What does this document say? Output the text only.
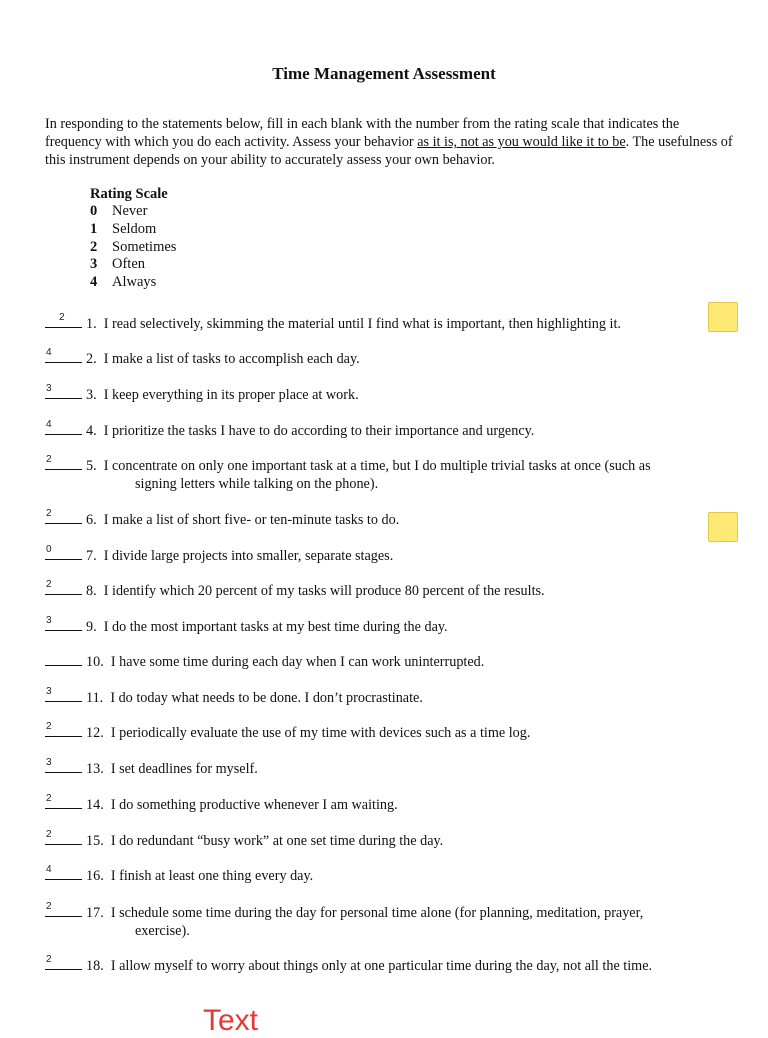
Time Management Assessment
In responding to the statements below, fill in each blank with the number from the rating scale that indicates the frequency with which you do each activity. Assess your behavior as it is, not as you would like it to be. The usefulness of this instrument depends on your ability to accurately assess your own behavior.
Rating Scale
0	Never
1	Seldom
2	Sometimes
3	Often
4	Always
2 1. I read selectively, skimming the material until I find what is important, then highlighting it.
4 2. I make a list of tasks to accomplish each day.
3 3. I keep everything in its proper place at work.
4 4. I prioritize the tasks I have to do according to their importance and urgency.
2 5. I concentrate on only one important task at a time, but I do multiple trivial tasks at once (such as
signing letters while talking on the phone).
2 6. I make a list of short five- or ten-minute tasks to do.
0 7. I divide large projects into smaller, separate stages.
2 8. I identify which 20 percent of my tasks will produce 80 percent of the results.
3 9. I do the most important tasks at my best time during the day.
10. I have some time during each day when I can work uninterrupted.
3 11. I do today what needs to be done. I don’t procrastinate.
2 12. I periodically evaluate the use of my time with devices such as a time log.
3 13. I set deadlines for myself.
2 14. I do something productive whenever I am waiting.
2 15. I do redundant “busy work” at one set time during the day.
4 16. I finish at least one thing every day.
2 17. I schedule some time during the day for personal time alone (for planning, meditation, prayer,
exercise).
2 18. I allow myself to worry about things only at one particular time during the day, not all the time.
Text
